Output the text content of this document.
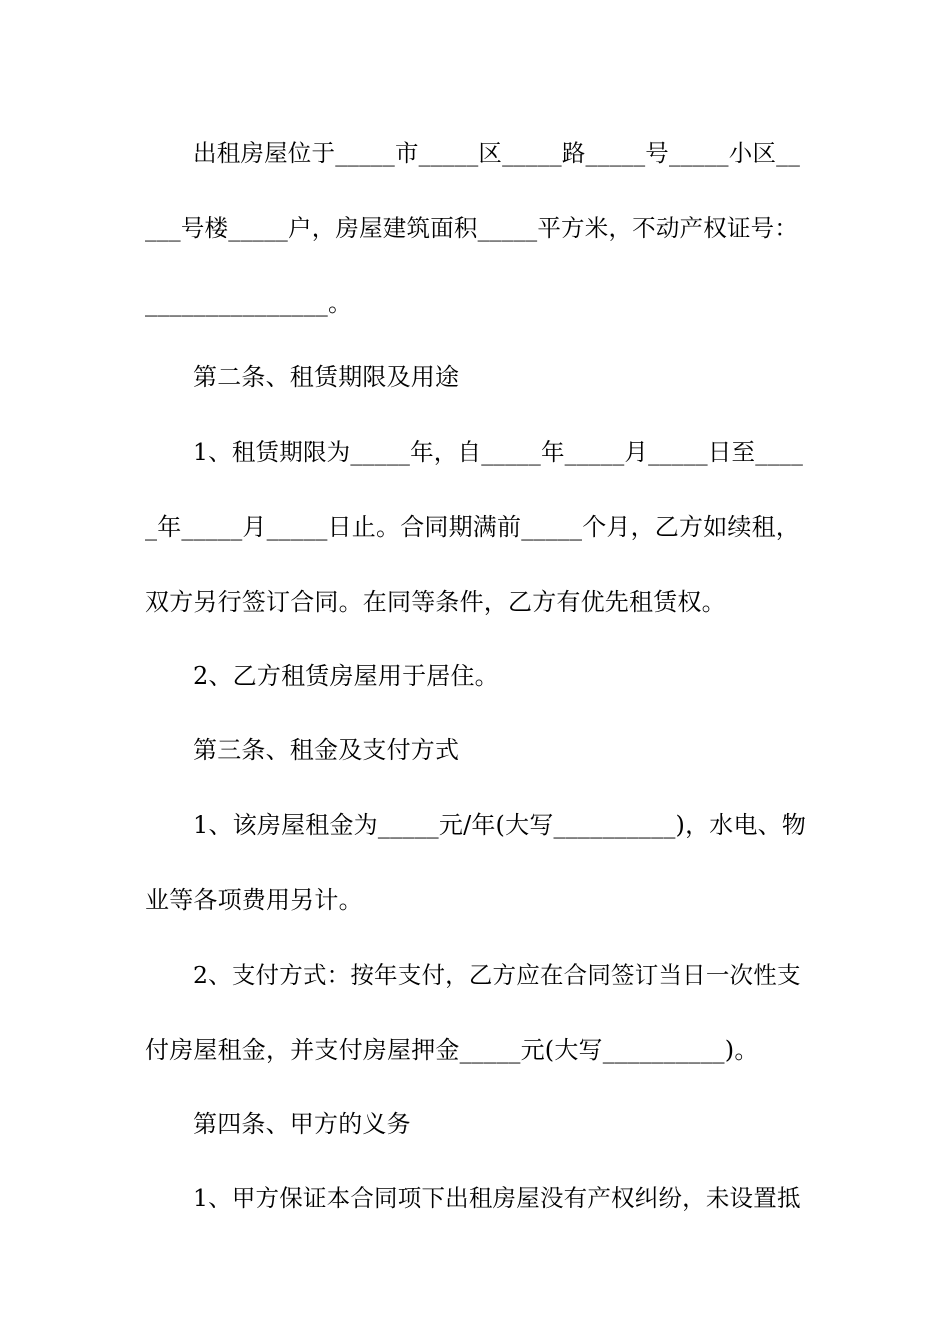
出租房屋位于_____市_____区_____路_____号_____小区__
___号楼_____户，房屋建筑面积_____平方米，不动产权证号：
_______________。
第二条、租赁期限及用途
1、租赁期限为_____年，自_____年_____月_____日至____
_年_____月_____日止。合同期满前_____个月，乙方如续租，
双方另行签订合同。在同等条件，乙方有优先租赁权。
2、乙方租赁房屋用于居住。
第三条、租金及支付方式
1、该房屋租金为_____元/年(大写__________)，水电、物
业等各项费用另计。
2、支付方式：按年支付，乙方应在合同签订当日一次性支
付房屋租金，并支付房屋押金_____元(大写__________)。
第四条、甲方的义务
1、甲方保证本合同项下出租房屋没有产权纠纷，未设置抵
